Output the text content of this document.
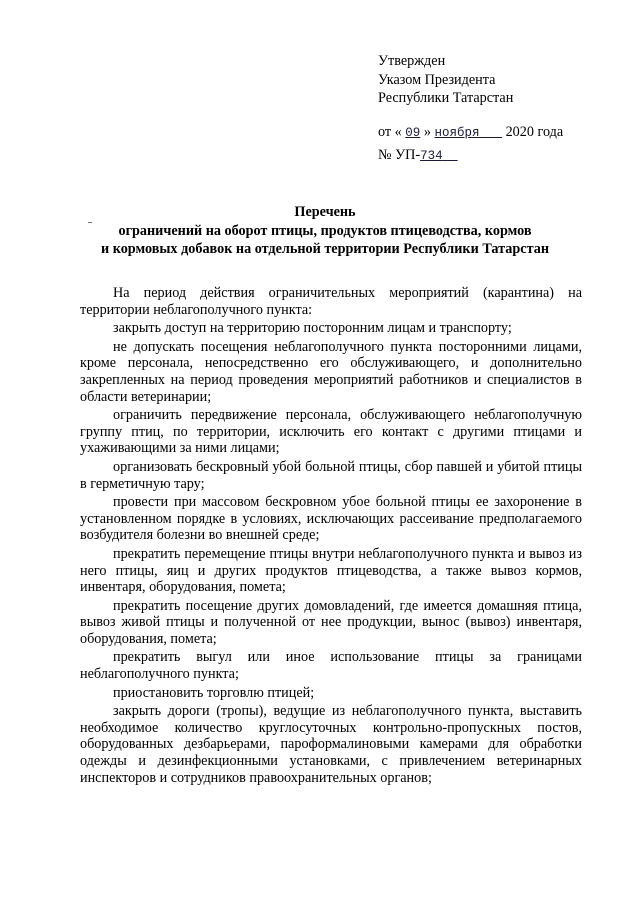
Утвержден
Указом Президента
Республики Татарстан
от « 09 » ноября 2020 года
№ УП-734
Перечень
ограничений на оборот птицы, продуктов птицеводства, кормов
и кормовых добавок на отдельной территории Республики Татарстан

На период действия ограничительных мероприятий (карантина) на территории неблагополучного пункта:

закрыть доступ на территорию посторонним лицам и транспорту;

не допускать посещения неблагополучного пункта посторонними лицами, кроме персонала, непосредственно его обслуживающего, и дополнительно закрепленных на период проведения мероприятий работников и специалистов в области ветеринарии;

ограничить передвижение персонала, обслуживающего неблагополучную группу птиц, по территории, исключить его контакт с другими птицами и ухаживающими за ними лицами;

организовать бескровный убой больной птицы, сбор павшей и убитой птицы в герметичную тару;

провести при массовом бескровном убое больной птицы ее захоронение в установленном порядке в условиях, исключающих рассеивание предполагаемого возбудителя болезни во внешней среде;

прекратить перемещение птицы внутри неблагополучного пункта и вывоз из него птицы, яиц и других продуктов птицеводства, а также вывоз кормов, инвентаря, оборудования, помета;

прекратить посещение других домовладений, где имеется домашняя птица, вывоз живой птицы и полученной от нее продукции, вынос (вывоз) инвентаря, оборудования, помета;

прекратить выгул или иное использование птицы за границами неблагополучного пункта;

приостановить торговлю птицей;

закрыть дороги (тропы), ведущие из неблагополучного пункта, выставить необходимое количество круглосуточных контрольно-пропускных постов, оборудованных дезбарьерами, пароформалиновыми камерами для обработки одежды и дезинфекционными установками, с привлечением ветеринарных инспекторов и сотрудников правоохранительных органов;
